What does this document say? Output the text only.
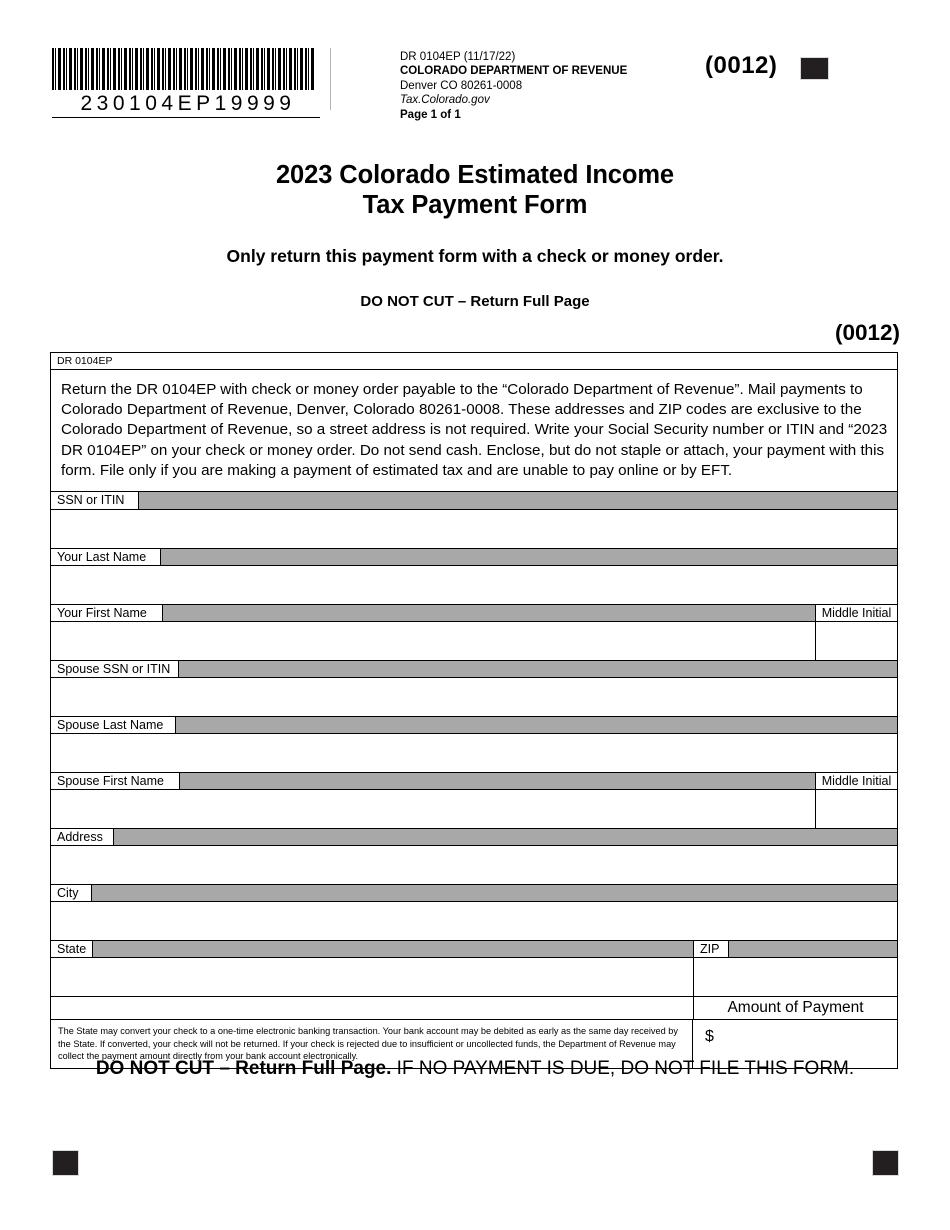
230104EP19999
DR 0104EP (11/17/22)
COLORADO DEPARTMENT OF REVENUE
Denver CO 80261-0008
Tax.Colorado.gov
Page 1 of 1
(0012)
2023 Colorado Estimated Income
Tax Payment Form
Only return this payment form with a check or money order.
DO NOT CUT – Return Full Page
(0012)
DR 0104EP
Return the DR 0104EP with check or money order payable to the “Colorado Department of Revenue”. Mail payments to Colorado Department of Revenue, Denver, Colorado 80261-0008. These addresses and ZIP codes are exclusive to the Colorado Department of Revenue, so a street address is not required. Write your Social Security number or ITIN and “2023 DR 0104EP” on your check or money order. Do not send cash. Enclose, but do not staple or attach, your payment with this form. File only if you are making a payment of estimated tax and are unable to pay online or by EFT.
SSN or ITIN
Your Last Name
Your First Name	Middle Initial
Spouse SSN or ITIN
Spouse Last Name
Spouse First Name	Middle Initial
Address
City
State	ZIP
Amount of Payment
The State may convert your check to a one-time electronic banking transaction. Your bank account may be debited as early as the same day received by the State. If converted, your check will not be returned. If your check is rejected due to insufficient or uncollected funds, the Department of Revenue may collect the payment amount directly from your bank account electronically.
$
DO NOT CUT – Return Full Page. IF NO PAYMENT IS DUE, DO NOT FILE THIS FORM.
